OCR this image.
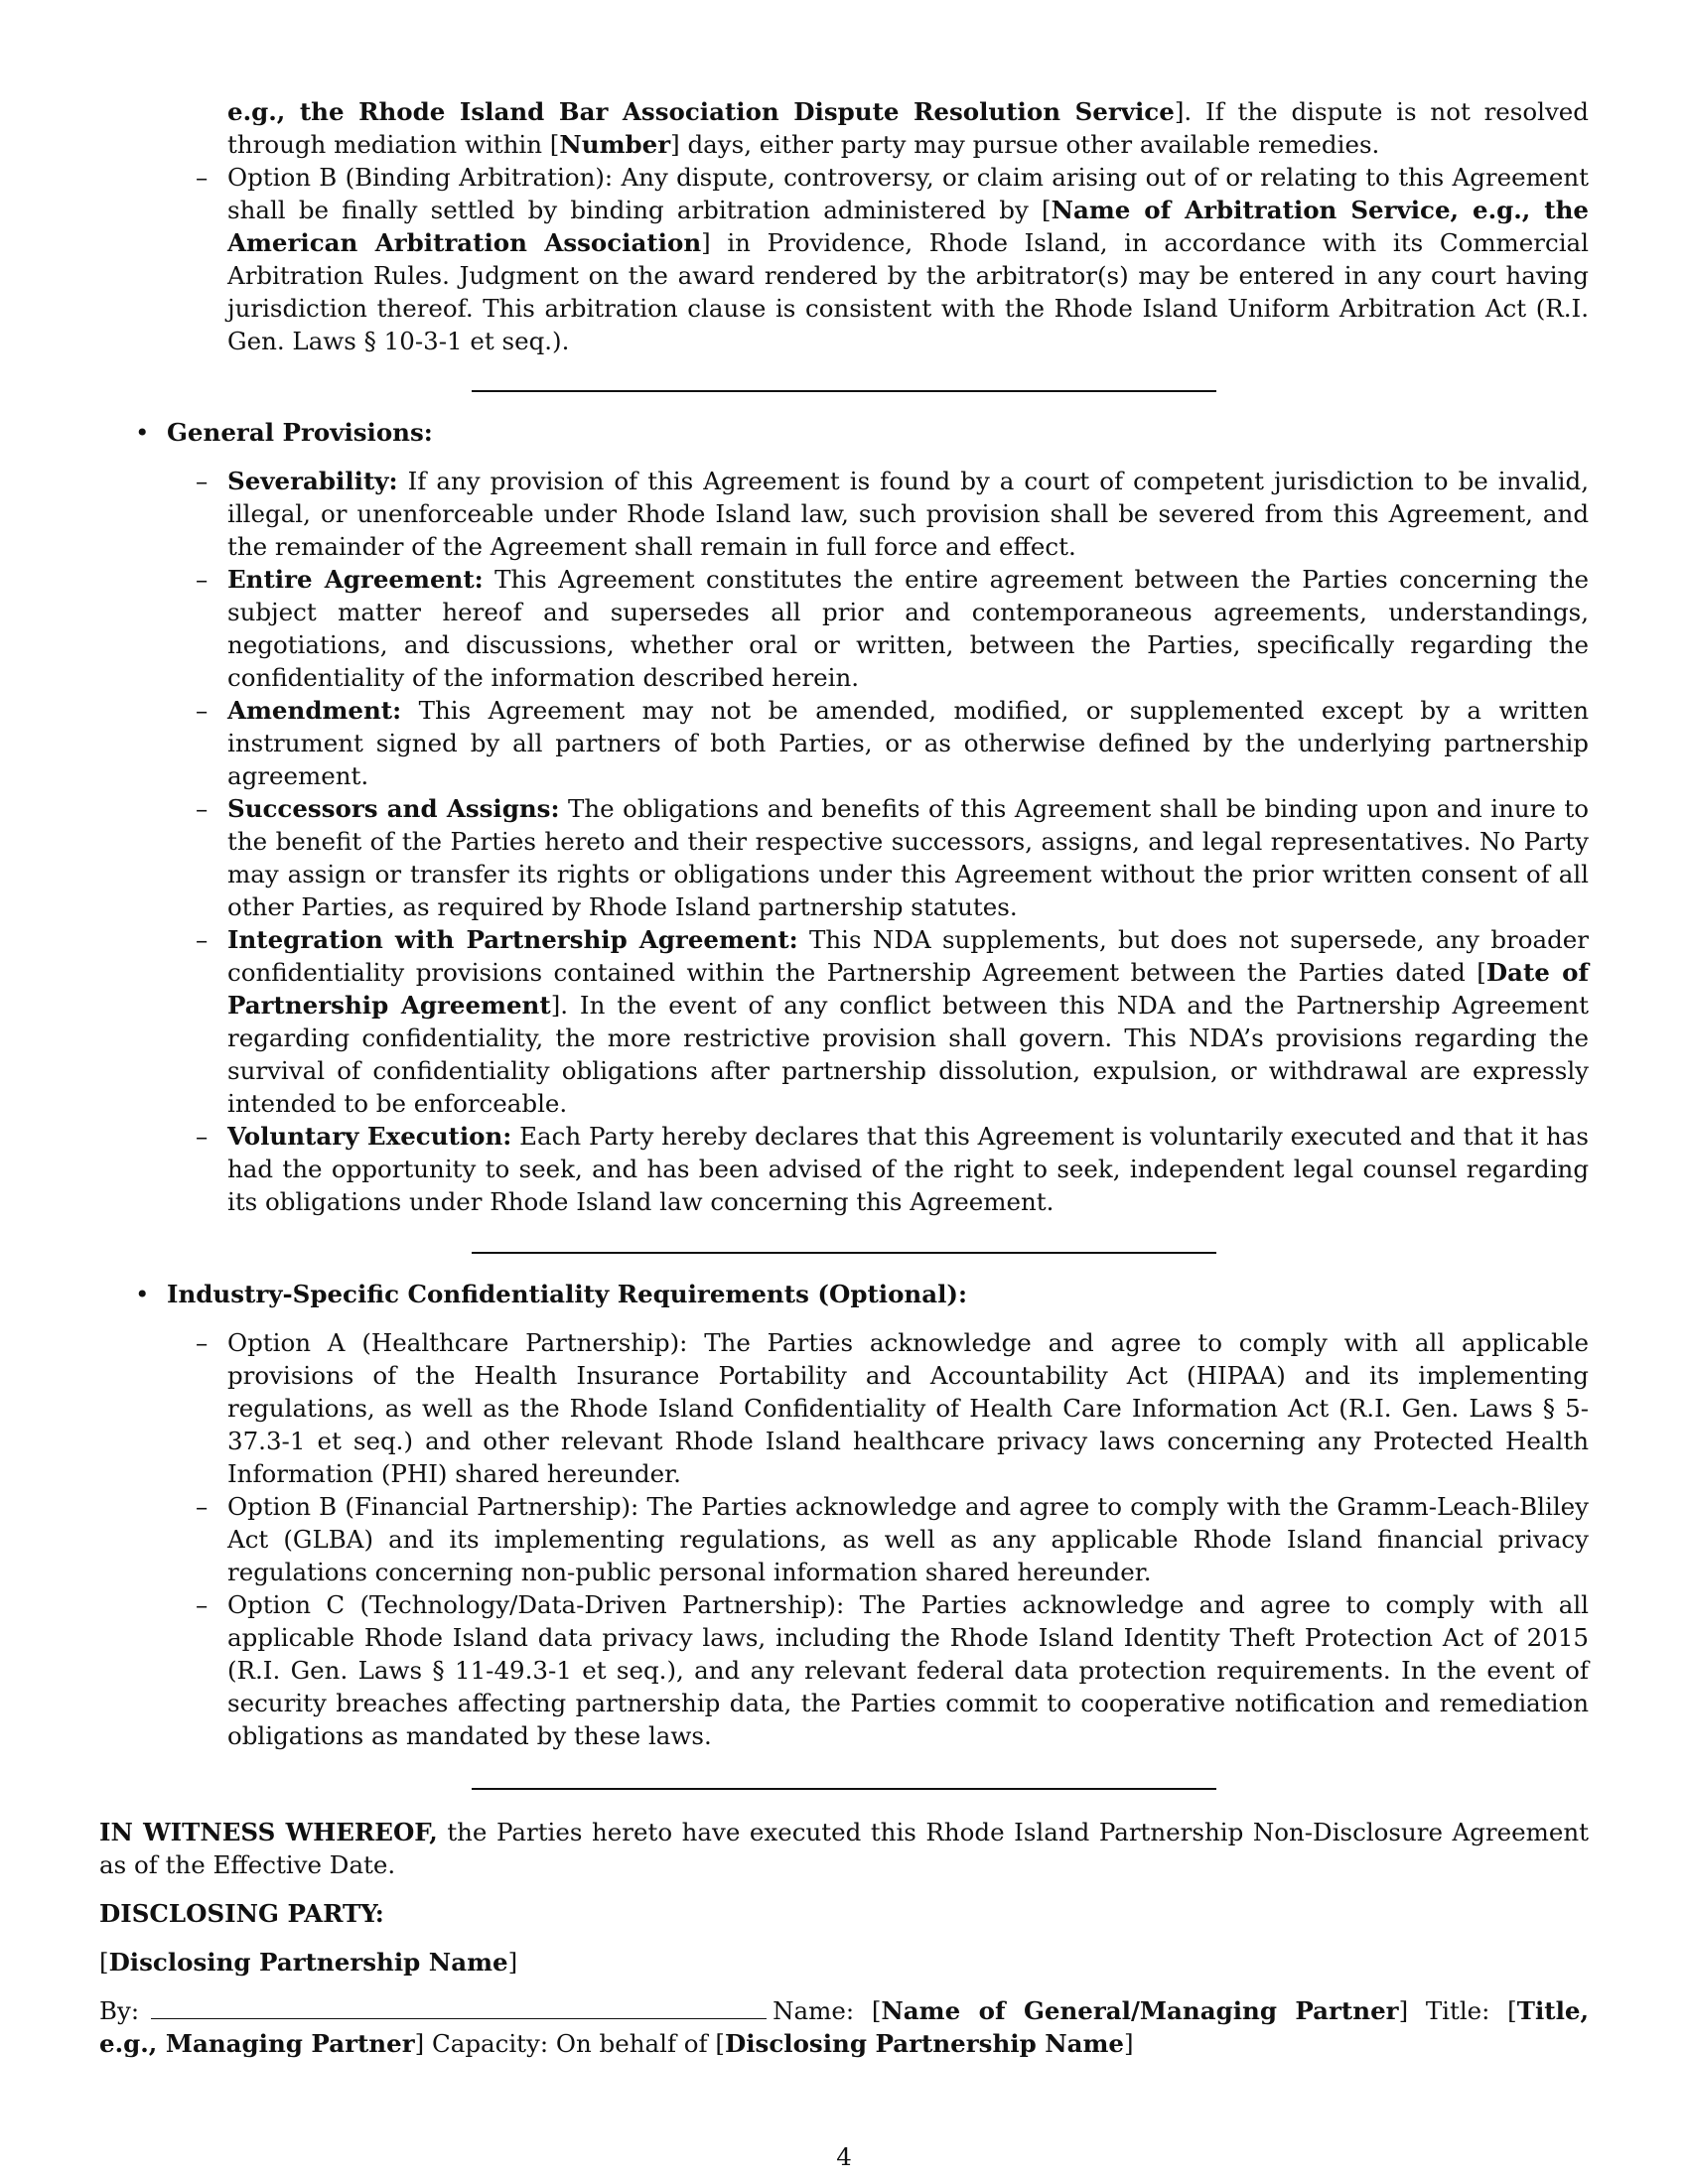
e.g., the Rhode Island Bar Association Dispute Resolution Service]. If the dispute is not resolved through mediation within [Number] days, either party may pursue other available remedies.
– Option B (Binding Arbitration): Any dispute, controversy, or claim arising out of or relating to this Agreement shall be finally settled by binding arbitration administered by [Name of Arbitration Service, e.g., the American Arbitration Association] in Providence, Rhode Island, in accordance with its Commercial Arbitration Rules. Judgment on the award rendered by the arbitrator(s) may be entered in any court having jurisdiction thereof. This arbitration clause is consistent with the Rhode Island Uniform Arbitration Act (R.I. Gen. Laws § 10-3-1 et seq.).
• General Provisions:
– Severability: If any provision of this Agreement is found by a court of competent jurisdiction to be invalid, illegal, or unenforceable under Rhode Island law, such provision shall be severed from this Agreement, and the remainder of the Agreement shall remain in full force and effect.
– Entire Agreement: This Agreement constitutes the entire agreement between the Parties concerning the subject matter hereof and supersedes all prior and contemporaneous agreements, understandings, negotiations, and discussions, whether oral or written, between the Parties, specifically regarding the confidentiality of the information described herein.
– Amendment: This Agreement may not be amended, modified, or supplemented except by a written instrument signed by all partners of both Parties, or as otherwise defined by the underlying partnership agreement.
– Successors and Assigns: The obligations and benefits of this Agreement shall be binding upon and inure to the benefit of the Parties hereto and their respective successors, assigns, and legal representatives. No Party may assign or transfer its rights or obligations under this Agreement without the prior written consent of all other Parties, as required by Rhode Island partnership statutes.
– Integration with Partnership Agreement: This NDA supplements, but does not supersede, any broader confidentiality provisions contained within the Partnership Agreement between the Parties dated [Date of Partnership Agreement]. In the event of any conflict between this NDA and the Partnership Agreement regarding confidentiality, the more restrictive provision shall govern. This NDA’s provisions regarding the survival of confidentiality obligations after partnership dissolution, expulsion, or withdrawal are expressly intended to be enforceable.
– Voluntary Execution: Each Party hereby declares that this Agreement is voluntarily executed and that it has had the opportunity to seek, and has been advised of the right to seek, independent legal counsel regarding its obligations under Rhode Island law concerning this Agreement.
• Industry-Specific Confidentiality Requirements (Optional):
– Option A (Healthcare Partnership): The Parties acknowledge and agree to comply with all applicable provisions of the Health Insurance Portability and Accountability Act (HIPAA) and its implementing regulations, as well as the Rhode Island Confidentiality of Health Care Information Act (R.I. Gen. Laws § 5-37.3-1 et seq.) and other relevant Rhode Island healthcare privacy laws concerning any Protected Health Information (PHI) shared hereunder.
– Option B (Financial Partnership): The Parties acknowledge and agree to comply with the Gramm-Leach-Bliley Act (GLBA) and its implementing regulations, as well as any applicable Rhode Island financial privacy regulations concerning non-public personal information shared hereunder.
– Option C (Technology/Data-Driven Partnership): The Parties acknowledge and agree to comply with all applicable Rhode Island data privacy laws, including the Rhode Island Identity Theft Protection Act of 2015 (R.I. Gen. Laws § 11-49.3-1 et seq.), and any relevant federal data protection requirements. In the event of security breaches affecting partnership data, the Parties commit to cooperative notification and remediation obligations as mandated by these laws.
IN WITNESS WHEREOF, the Parties hereto have executed this Rhode Island Partnership Non-Disclosure Agreement as of the Effective Date.
DISCLOSING PARTY:
[Disclosing Partnership Name]
By:	Name: [Name of General/Managing Partner] Title: [Title, e.g., Managing Partner] Capacity: On behalf of [Disclosing Partnership Name]
4
